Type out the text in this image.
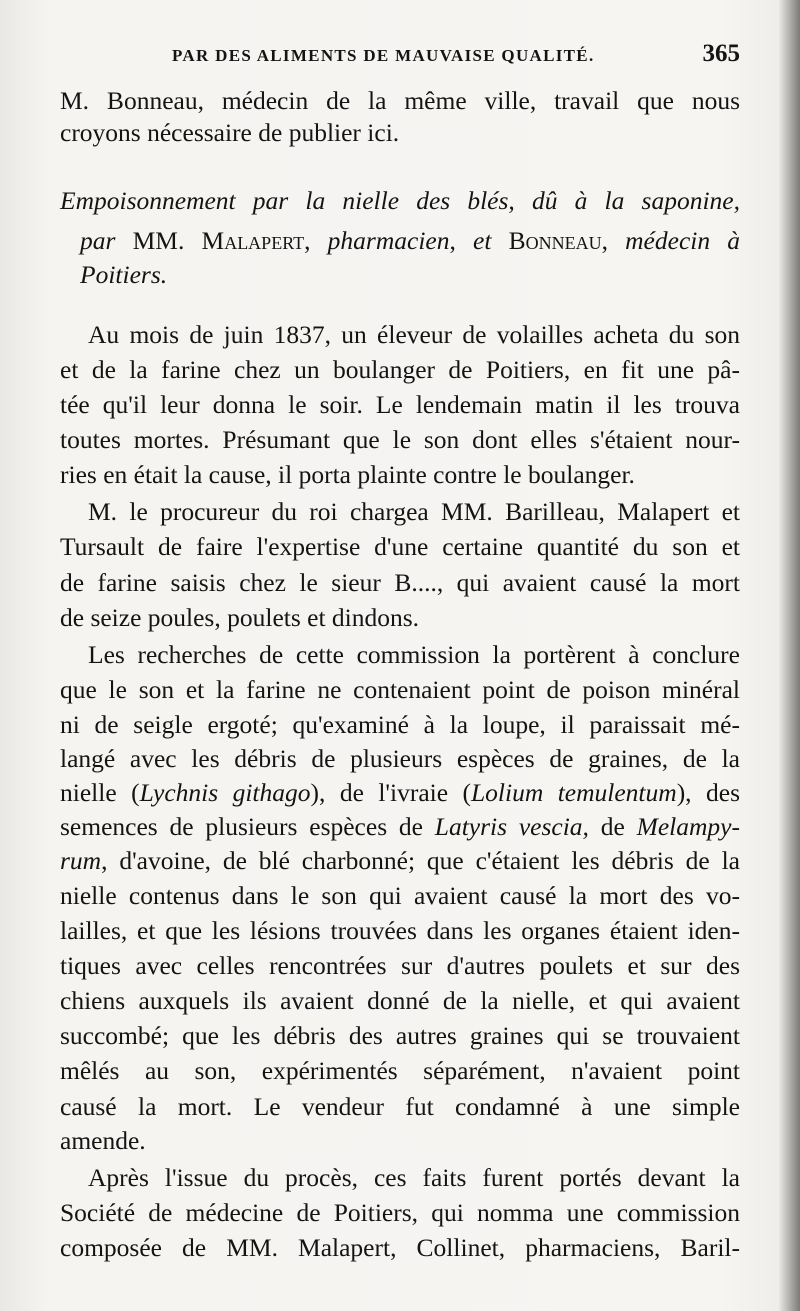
PAR DES ALIMENTS DE MAUVAISE QUALITÉ.	365
M. Bonneau, médecin de la même ville, travail que nous
croyons nécessaire de publier ici.
Empoisonnement par la nielle des blés, dû à la saponine,
par MM. Malapert, pharmacien, et Bonneau, médecin à
Poitiers.
Au mois de juin 1837, un éleveur de volailles acheta du son
et de la farine chez un boulanger de Poitiers, en fit une pâ-
tée qu'il leur donna le soir. Le lendemain matin il les trouva
toutes mortes. Présumant que le son dont elles s'étaient nour-
ries en était la cause, il porta plainte contre le boulanger.
M. le procureur du roi chargea MM. Barilleau, Malapert et
Tursault de faire l'expertise d'une certaine quantité du son et
de farine saisis chez le sieur B...., qui avaient causé la mort
de seize poules, poulets et dindons.
Les recherches de cette commission la portèrent à conclure
que le son et la farine ne contenaient point de poison minéral
ni de seigle ergoté; qu'examiné à la loupe, il paraissait mé-
langé avec les débris de plusieurs espèces de graines, de la
nielle (Lychnis githago), de l'ivraie (Lolium temulentum), des
semences de plusieurs espèces de Latyris vescia, de Melampy-
rum, d'avoine, de blé charbonné; que c'étaient les débris de la
nielle contenus dans le son qui avaient causé la mort des vo-
lailles, et que les lésions trouvées dans les organes étaient iden-
tiques avec celles rencontrées sur d'autres poulets et sur des
chiens auxquels ils avaient donné de la nielle, et qui avaient
succombé; que les débris des autres graines qui se trouvaient
mêlés au son, expérimentés séparément, n'avaient point
causé la mort. Le vendeur fut condamné à une simple
amende.
Après l'issue du procès, ces faits furent portés devant la
Société de médecine de Poitiers, qui nomma une commission
composée de MM. Malapert, Collinet, pharmaciens, Baril-
